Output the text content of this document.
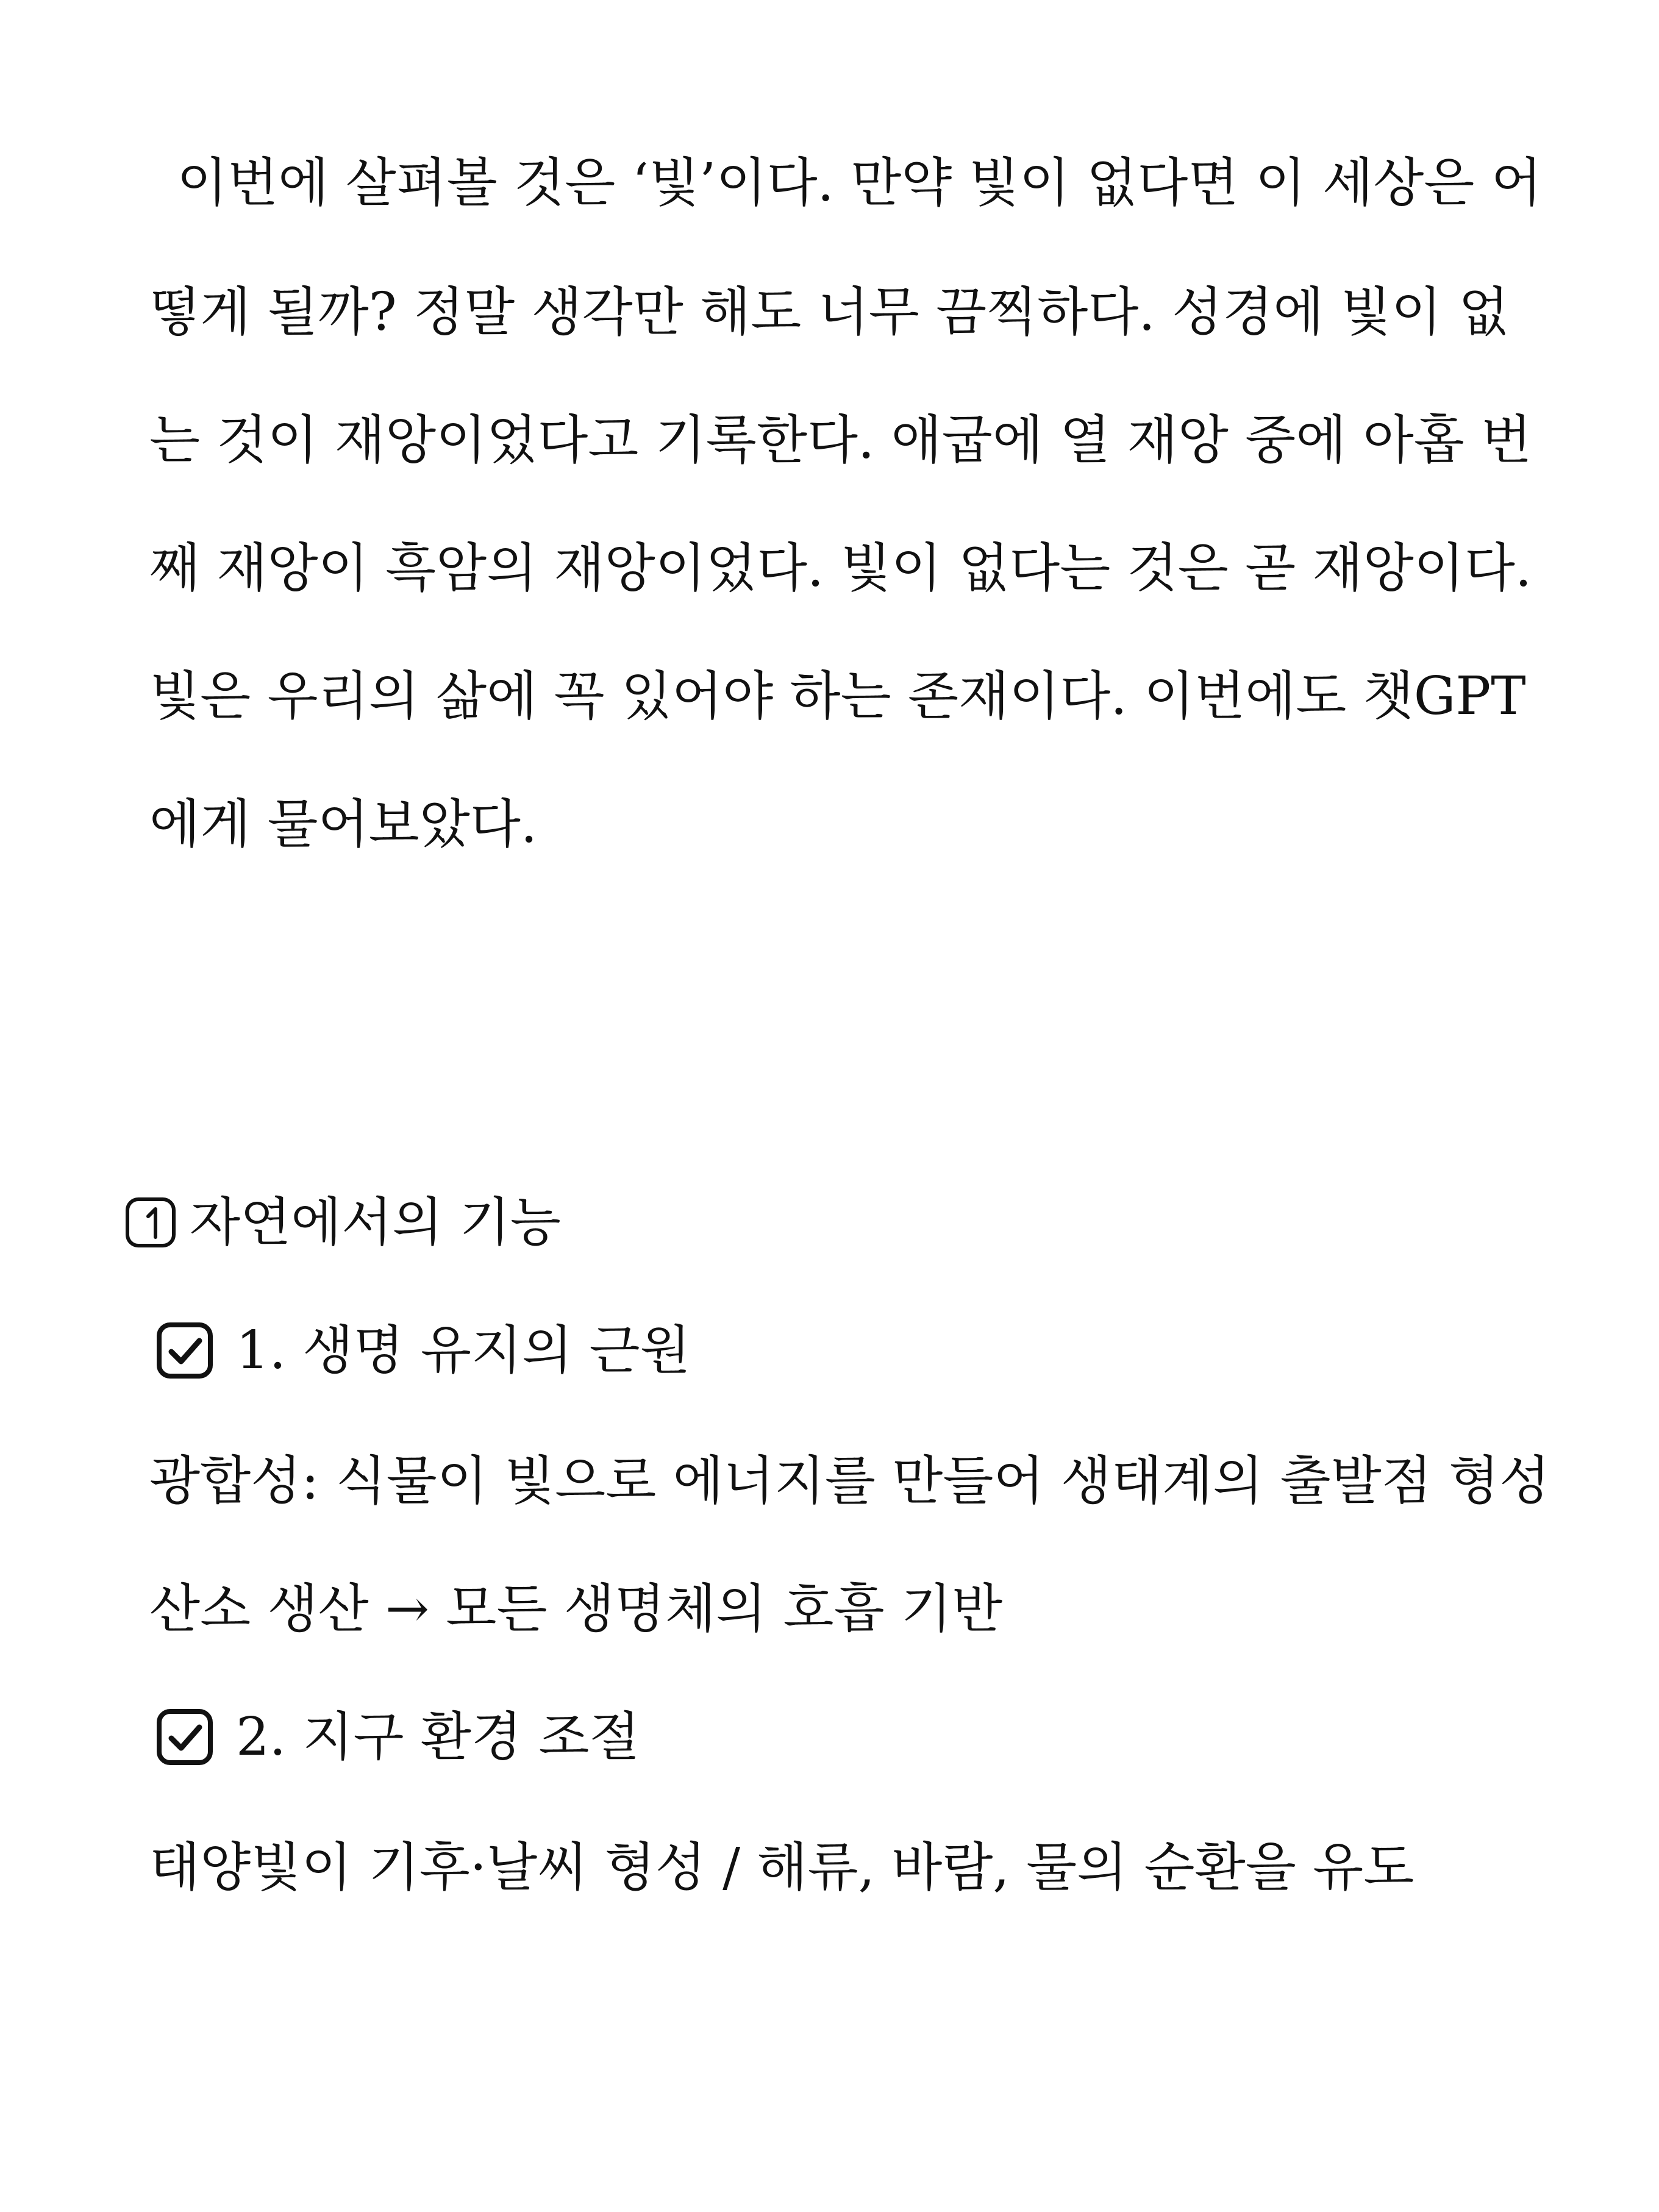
이번에 살펴볼 것은 ‘빛’이다. 만약 빛이 없다면 이 세상은 어
떻게 될까? 정말 생각만 해도 너무 끔찍하다. 성경에 빛이 없
는 것이 재앙이었다고 기록한다. 애굽에 열 재앙 중에 아홉 번
째 재앙이 흑암의 재앙이었다. 빛이 없다는 것은 곧 재앙이다.
빛은 우리의 삶에 꼭 있어야 하는 존재이다. 이번에도 챗GPT
에게 물어보았다.
자연에서의 기능
1. 생명 유지의 근원
광합성: 식물이 빛으로 에너지를 만들어 생태계의 출발점 형성
산소 생산 → 모든 생명체의 호흡 기반
2. 지구 환경 조절
태양빛이 기후·날씨 형성 / 해류, 바람, 물의 순환을 유도
